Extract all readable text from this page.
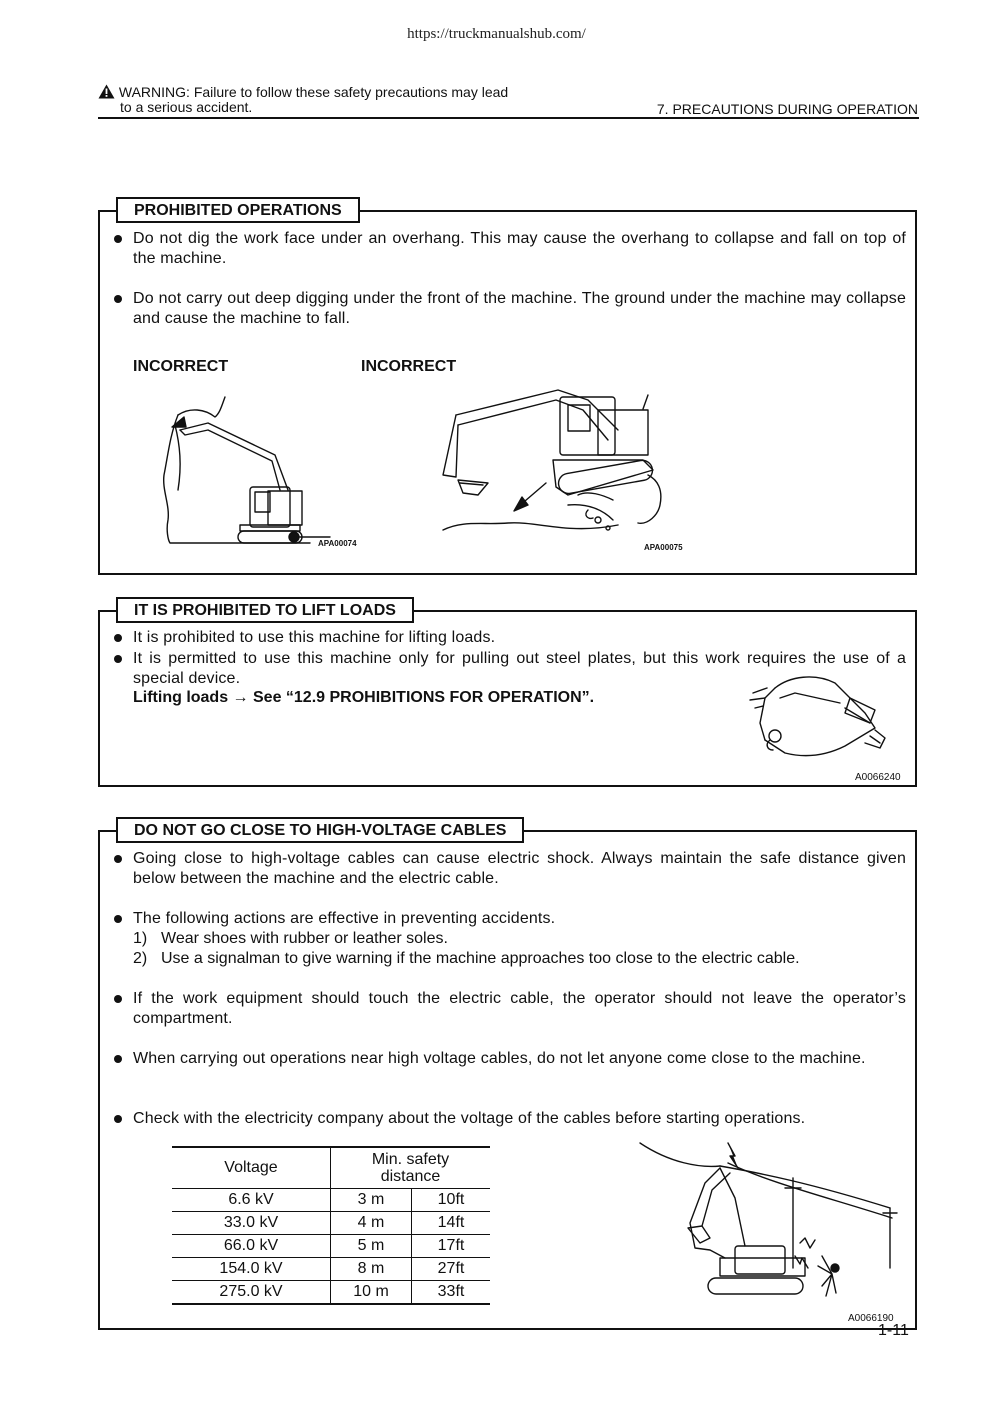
https://truckmanualshub.com/
WARNING: Failure to follow these safety precautions may lead
to a serious accident.	7. PRECAUTIONS DURING OPERATION
PROHIBITED OPERATIONS
Do not dig the work face under an overhang. This may cause the overhang to collapse and fall on top of the machine.
Do not carry out deep digging under the front of the machine. The ground under the machine may collapse and cause the machine to fall.
INCORRECT	INCORRECT
APA00074	APA00075
IT IS PROHIBITED TO LIFT LOADS
It is prohibited to use this machine for lifting loads.
It is permitted to use this machine only for pulling out steel plates, but this work requires the use of a special device.
Lifting loads → See “12.9 PROHIBITIONS FOR OPERATION”.
A0066240
DO NOT GO CLOSE TO HIGH-VOLTAGE CABLES
Going close to high-voltage cables can cause electric shock. Always maintain the safe distance given below between the machine and the electric cable.
The following actions are effective in preventing accidents.
1) Wear shoes with rubber or leather soles.
2) Use a signalman to give warning if the machine approaches too close to the electric cable.
If the work equipment should touch the electric cable, the operator should not leave the operator’s compartment.
When carrying out operations near high voltage cables, do not let anyone come close to the machine.
Check with the electricity company about the voltage of the cables before starting operations.
Voltage	Min. safety distance	
6.6 kV	3 m	10ft
33.0 kV	4 m	14ft
66.0 kV	5 m	17ft
154.0 kV	8 m	27ft
275.0 kV	10 m	33ft
A0066190
1-11
